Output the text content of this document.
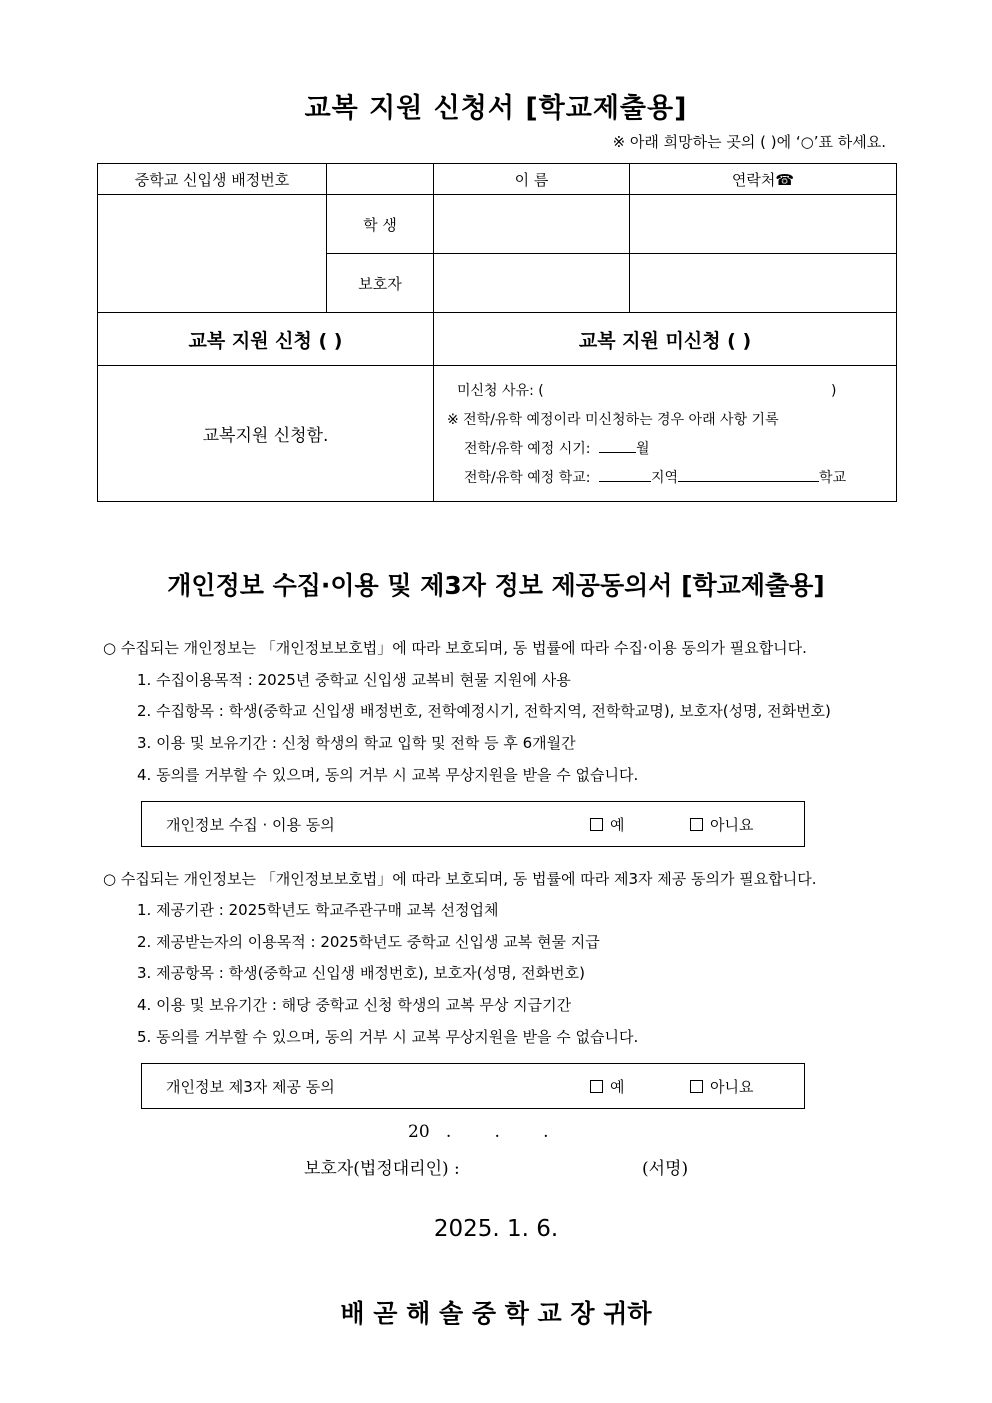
교복 지원 신청서 [학교제출용]
※ 아래 희망하는 곳의 ( )에 ‘○’표 하세요.
중학교 신입생 배정번호		이 름	연락처☎
	학 생		
	보호자		
교복 지원 신청 ( )		교복 지원 미신청 ( )	
교복지원 신청함.		미신청 사유: ( )
※ 전학/유학 예정이라 미신청하는 경우 아래 사항 기록
전학/유학 예정 시기: 월
전학/유학 예정 학교: 지역 학교	
개인정보 수집·이용 및 제3자 정보 제공동의서 [학교제출용]
○ 수집되는 개인정보는 「개인정보보호법」에 따라 보호되며, 동 법률에 따라 수집·이용 동의가 필요합니다.
1. 수집이용목적 : 2025년 중학교 신입생 교복비 현물 지원에 사용
2. 수집항목 : 학생(중학교 신입생 배정번호, 전학예정시기, 전학지역, 전학학교명), 보호자(성명, 전화번호)
3. 이용 및 보유기간 : 신청 학생의 학교 입학 및 전학 등 후 6개월간
4. 동의를 거부할 수 있으며, 동의 거부 시 교복 무상지원을 받을 수 없습니다.
개인정보 수집 · 이용 동의	예	아니요
○ 수집되는 개인정보는 「개인정보보호법」에 따라 보호되며, 동 법률에 따라 제3자 제공 동의가 필요합니다.
1. 제공기관 : 2025학년도 학교주관구매 교복 선정업체
2. 제공받는자의 이용목적 : 2025학년도 중학교 신입생 교복 현물 지급
3. 제공항목 : 학생(중학교 신입생 배정번호), 보호자(성명, 전화번호)
4. 이용 및 보유기간 : 해당 중학교 신청 학생의 교복 무상 지급기간
5. 동의를 거부할 수 있으며, 동의 거부 시 교복 무상지원을 받을 수 없습니다.
개인정보 제3자 제공 동의	예	아니요
20   .        .        .
보호자(법정대리인) :	(서명)
2025. 1. 6.
배 곧 해 솔 중 학 교 장 귀하
